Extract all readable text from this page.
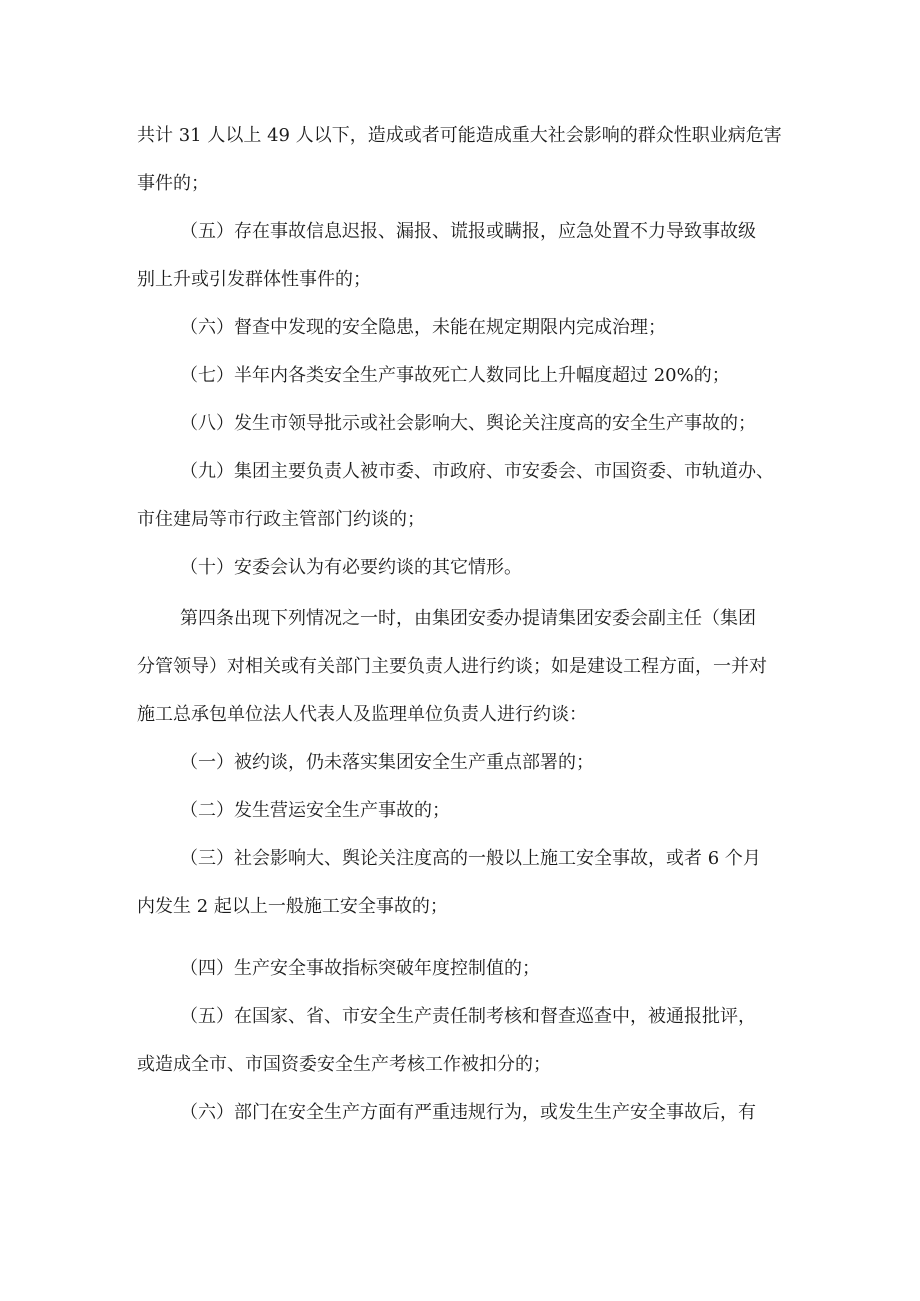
共计 31 人以上 49 人以下，造成或者可能造成重大社会影响的群众性职业病危害
事件的；
（五）存在事故信息迟报、漏报、谎报或瞒报，应急处置不力导致事故级
别上升或引发群体性事件的；
（六）督查中发现的安全隐患，未能在规定期限内完成治理；
（七）半年内各类安全生产事故死亡人数同比上升幅度超过 20%的；
（八）发生市领导批示或社会影响大、舆论关注度高的安全生产事故的；
（九）集团主要负责人被市委、市政府、市安委会、市国资委、市轨道办、
市住建局等市行政主管部门约谈的；
（十）安委会认为有必要约谈的其它情形。
第四条出现下列情况之一时，由集团安委办提请集团安委会副主任（集团
分管领导）对相关或有关部门主要负责人进行约谈；如是建设工程方面，一并对
施工总承包单位法人代表人及监理单位负责人进行约谈：
（一）被约谈，仍未落实集团安全生产重点部署的；
（二）发生营运安全生产事故的；
（三）社会影响大、舆论关注度高的一般以上施工安全事故，或者 6 个月
内发生 2 起以上一般施工安全事故的；
（四）生产安全事故指标突破年度控制值的；
（五）在国家、省、市安全生产责任制考核和督查巡查中，被通报批评，
或造成全市、市国资委安全生产考核工作被扣分的；
（六）部门在安全生产方面有严重违规行为，或发生生产安全事故后，有
